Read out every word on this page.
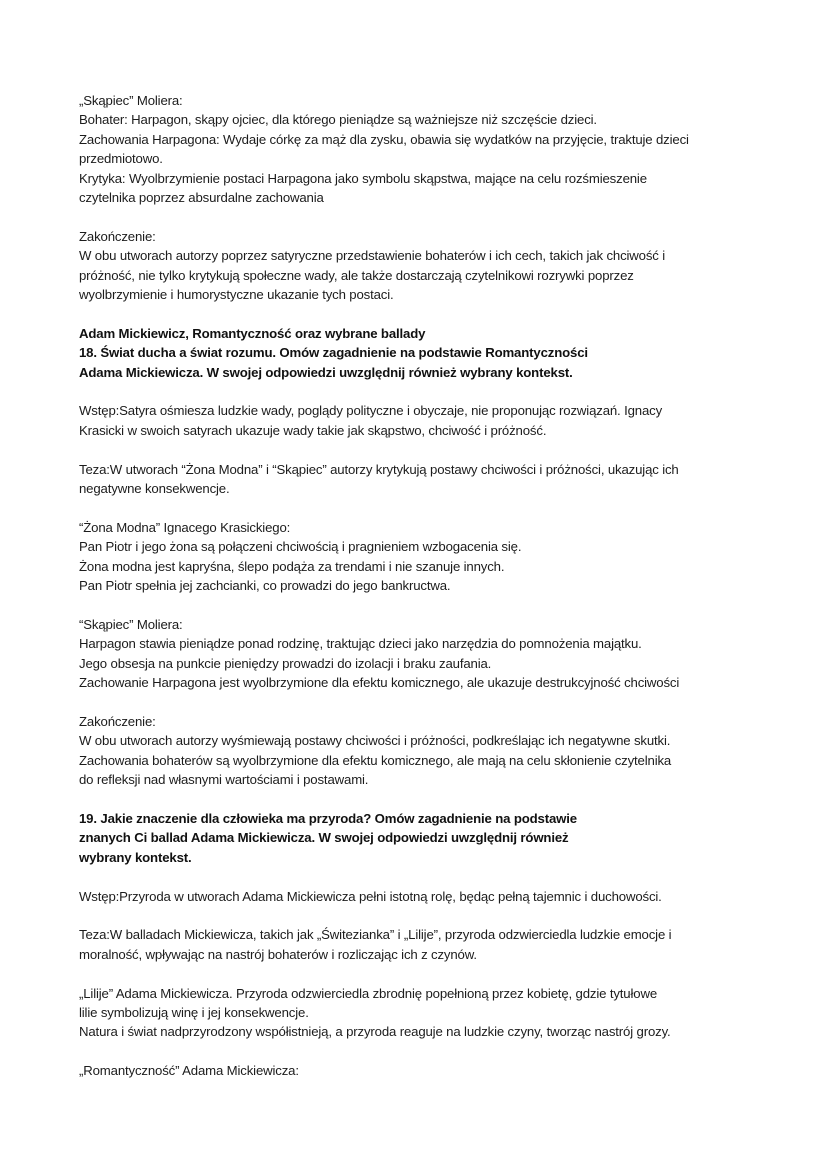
„Skąpiec” Moliera:

Bohater: Harpagon, skąpy ojciec, dla którego pieniądze są ważniejsze niż szczęście dzieci.

Zachowania Harpagona: Wydaje córkę za mąż dla zysku, obawia się wydatków na przyjęcie, traktuje dzieci

przedmiotowo.

Krytyka: Wyolbrzymienie postaci Harpagona jako symbolu skąpstwa, mające na celu rozśmieszenie

czytelnika poprzez absurdalne zachowania

Zakończenie:

W obu utworach autorzy poprzez satyryczne przedstawienie bohaterów i ich cech, takich jak chciwość i

próżność, nie tylko krytykują społeczne wady, ale także dostarczają czytelnikowi rozrywki poprzez

wyolbrzymienie i humorystyczne ukazanie tych postaci.

Adam Mickiewicz, Romantyczność oraz wybrane ballady

18. Świat ducha a świat rozumu. Omów zagadnienie na podstawie Romantyczności

Adama Mickiewicza. W swojej odpowiedzi uwzględnij również wybrany kontekst.

Wstęp:Satyra ośmiesza ludzkie wady, poglądy polityczne i obyczaje, nie proponując rozwiązań. Ignacy

Krasicki w swoich satyrach ukazuje wady takie jak skąpstwo, chciwość i próżność.

Teza:W utworach “Żona Modna” i “Skąpiec” autorzy krytykują postawy chciwości i próżności, ukazując ich

negatywne konsekwencje.

“Żona Modna” Ignacego Krasickiego:

Pan Piotr i jego żona są połączeni chciwością i pragnieniem wzbogacenia się.

Żona modna jest kapryśna, ślepo podąża za trendami i nie szanuje innych.

Pan Piotr spełnia jej zachcianki, co prowadzi do jego bankructwa.

“Skąpiec” Moliera:

Harpagon stawia pieniądze ponad rodzinę, traktując dzieci jako narzędzia do pomnożenia majątku.

Jego obsesja na punkcie pieniędzy prowadzi do izolacji i braku zaufania.

Zachowanie Harpagona jest wyolbrzymione dla efektu komicznego, ale ukazuje destrukcyjność chciwości

Zakończenie:

W obu utworach autorzy wyśmiewają postawy chciwości i próżności, podkreślając ich negatywne skutki.

Zachowania bohaterów są wyolbrzymione dla efektu komicznego, ale mają na celu skłonienie czytelnika

do refleksji nad własnymi wartościami i postawami.

19. Jakie znaczenie dla człowieka ma przyroda? Omów zagadnienie na podstawie

znanych Ci ballad Adama Mickiewicza. W swojej odpowiedzi uwzględnij również

wybrany kontekst.

Wstęp:Przyroda w utworach Adama Mickiewicza pełni istotną rolę, będąc pełną tajemnic i duchowości.

Teza:W balladach Mickiewicza, takich jak „Świtezianka” i „Lilije”, przyroda odzwierciedla ludzkie emocje i

moralność, wpływając na nastrój bohaterów i rozliczając ich z czynów.

„Lilije” Adama Mickiewicza. Przyroda odzwierciedla zbrodnię popełnioną przez kobietę, gdzie tytułowe

lilie symbolizują winę i jej konsekwencje.

Natura i świat nadprzyrodzony współistnieją, a przyroda reaguje na ludzkie czyny, tworząc nastrój grozy.

„Romantyczność” Adama Mickiewicza:
